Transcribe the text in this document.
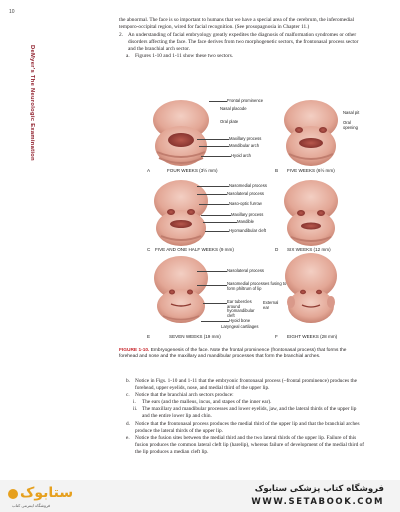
10
DeMyer's The Neurologic Examination

the abnormal. The face is so important to humans that we have a special area of the cerebrum, the inferomedial temporo-occipital region, wired for facial recognition. (See prosopagnosia in Chapter 11.)

2. An understanding of facial embryology greatly expedites the diagnosis of malformation syndromes or other disorders affecting the face. The face derives from two morphogenetic sectors, the frontonasal process sector and the branchial arch sector.

a. Figures 1-10 and 1-11 show these two sectors.

Frontal prominence
Nasal placode
Oral plate
Maxillary process
Mandibular arch
Hyoid arch
Nasal pit
Oral opening
A	FOUR WEEKS (3½ mm)	B FIVE WEEKS (6½ mm)
Nasomedial process
Nasolateral process
Naso-optic furrow
Maxillary process
Mandible
Hyomandibular cleft
C FIVE AND ONE HALF WEEKS (9 mm)	D SIX WEEKS (12 mm)
Nasolateral process
Nasomedial processes fusing to form philtrum of lip
Ear tubercles around hyomandibular cleft
External ear
Hyoid bone
Laryngeal cartilages
E	SEVEN WEEKS (19 mm)	F EIGHT WEEKS (28 mm)
FIGURE 1-10. Embryogenesis of the face. Note the frontal prominence (frontonasal process) that forms the forehead and nose and the maxillary and mandibular processes that form the branchial arches.

b. Notice in Figs. 1-10 and 1-11 that the embryonic frontonasal process (~frontal prominence) produces the forehead, upper eyelids, nose, and medial third of the upper lip.

c. Notice that the branchial arch sectors produce:

i. The ears (and the malleus, incus, and stapes of the inner ear).

ii. The maxillary and mandibular processes and lower eyelids, jaw, and the lateral thirds of the upper lip and the entire lower lip and chin.

d. Notice that the frontonasal process produces the medial third of the upper lip and that the branchial arches produce the lateral thirds of the upper lip.

e. Notice the fusion sites between the medial third and the two lateral thirds of the upper lip. Failure of this fusion produces the common lateral cleft lip (harelip), whereas failure of development of the medial third of the lip produces a median cleft lip.

ستابوک
فروشگاه اینترنتی کتاب
فروشگاه کتاب پزشکی ستابوک
WWW.SETABOOK.COM
